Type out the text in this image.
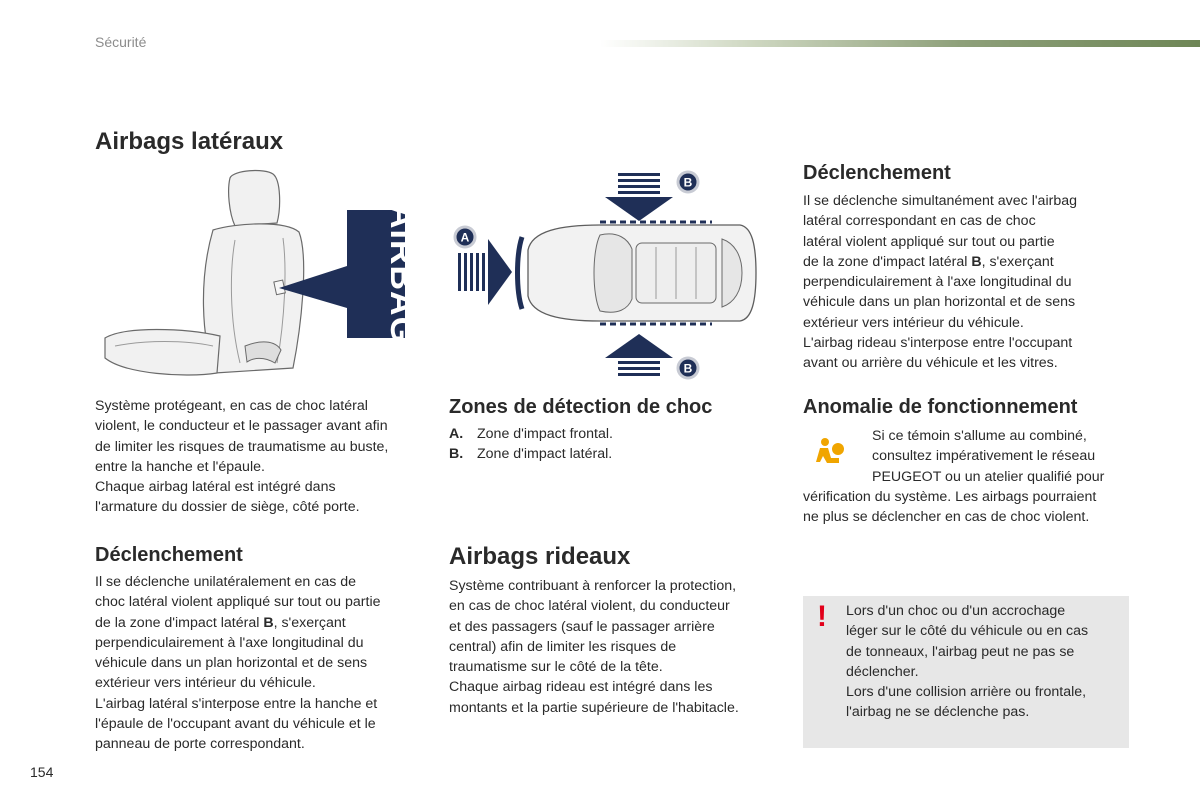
Sécurité
Airbags latéraux
AIRBAG

Système protégeant, en cas de choc latéral

violent, le conducteur et le passager avant afin

de limiter les risques de traumatisme au buste,

entre la hanche et l'épaule.

Chaque airbag latéral est intégré dans

l'armature du dossier de siège, côté porte.

Déclenchement

Il se déclenche unilatéralement en cas de

choc latéral violent appliqué sur tout ou partie

de la zone d'impact latéral B, s'exerçant

perpendiculairement à l'axe longitudinal du

véhicule dans un plan horizontal et de sens

extérieur vers intérieur du véhicule.

L'airbag latéral s'interpose entre la hanche et

l'épaule de l'occupant avant du véhicule et le

panneau de porte correspondant.

B
B
A
Zones de détection de choc
A. Zone d'impact frontal.
B. Zone d'impact latéral.
Airbags rideaux

Système contribuant à renforcer la protection,

en cas de choc latéral violent, du conducteur

et des passagers (sauf le passager arrière

central) afin de limiter les risques de

traumatisme sur le côté de la tête.

Chaque airbag rideau est intégré dans les

montants et la partie supérieure de l'habitacle.

Déclenchement

Il se déclenche simultanément avec l'airbag

latéral correspondant en cas de choc

latéral violent appliqué sur tout ou partie

de la zone d'impact latéral B, s'exerçant

perpendiculairement à l'axe longitudinal du

véhicule dans un plan horizontal et de sens

extérieur vers intérieur du véhicule.

L'airbag rideau s'interpose entre l'occupant

avant ou arrière du véhicule et les vitres.

Anomalie de fonctionnement

Si ce témoin s'allume au combiné,

consultez impérativement le réseau

PEUGEOT ou un atelier qualifié pour

vérification du système. Les airbags pourraient

ne plus se déclencher en cas de choc violent.

! Lors d'un choc ou d'un accrochage

léger sur le côté du véhicule ou en cas

de tonneaux, l'airbag peut ne pas se

déclencher.

Lors d'une collision arrière ou frontale,

l'airbag ne se déclenche pas.

154
